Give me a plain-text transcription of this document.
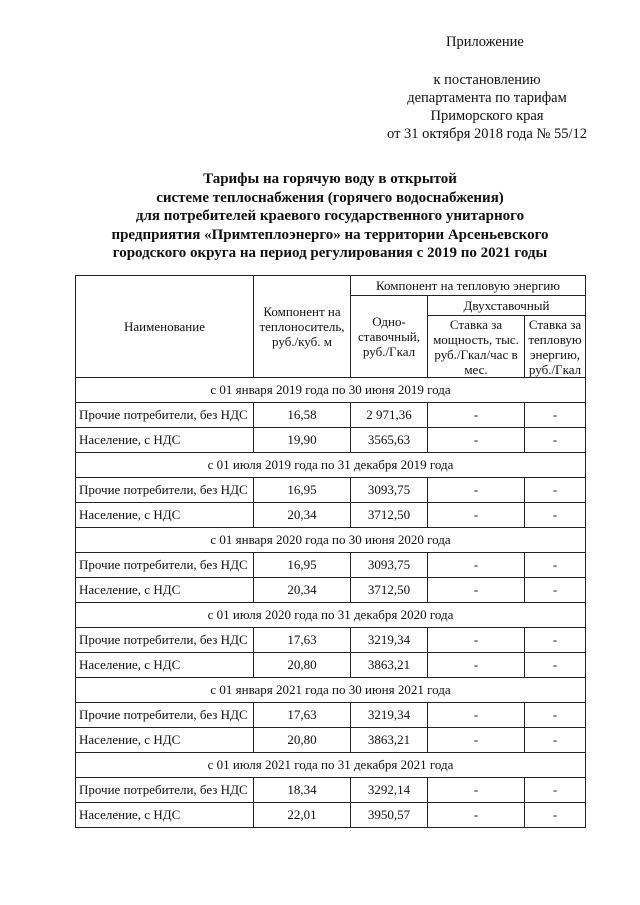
Приложение
к постановлению
департамента по тарифам
Приморского края
от 31 октября 2018 года № 55/12
Тарифы на горячую воду в открытой
системе теплоснабжения (горячего водоснабжения)
для потребителей краевого государственного унитарного
предприятия «Примтеплоэнерго» на территории Арсеньевского
городского округа на период регулирования с 2019 по 2021 годы
Наименование	Компонент на теплоноситель, руб./куб. м	Компонент на тепловую энергию		
		Одно-ставочный, руб./Гкал	Двухставочный	
			Ставка за мощность, тыс. руб./Гкал/час в мес.	Ставка за тепловую энергию, руб./Гкал
с 01 января 2019 года по 30 июня 2019 года				
Прочие потребители, без НДС	16,58	2 971,36	-	-
Население, с НДС	19,90	3565,63	-	-
с 01 июля 2019 года по 31 декабря 2019 года				
Прочие потребители, без НДС	16,95	3093,75	-	-
Население, с НДС	20,34	3712,50	-	-
с 01 января 2020 года по 30 июня 2020 года				
Прочие потребители, без НДС	16,95	3093,75	-	-
Население, с НДС	20,34	3712,50	-	-
с 01 июля 2020 года по 31 декабря 2020 года				
Прочие потребители, без НДС	17,63	3219,34	-	-
Население, с НДС	20,80	3863,21	-	-
с 01 января 2021 года по 30 июня 2021 года				
Прочие потребители, без НДС	17,63	3219,34	-	-
Население, с НДС	20,80	3863,21	-	-
с 01 июля 2021 года по 31 декабря 2021 года				
Прочие потребители, без НДС	18,34	3292,14	-	-
Население, с НДС	22,01	3950,57	-	-
